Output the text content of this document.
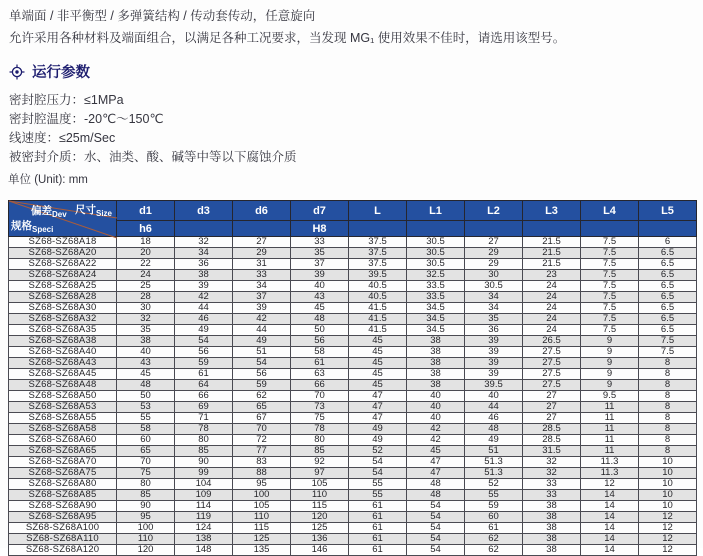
单端面 / 非平衡型 / 多弹簧结构 / 传动套传动，任意旋向

允许采用各种材料及端面组合，以满足各种工况要求，当发现 MG₁ 使用效果不佳时，请选用该型号。

运行参数
密封腔压力：≤1MPa
密封腔温度：-20℃～150℃
线速度：≤25m/Sec
被密封介质：水、油类、酸、碱等中等以下腐蚀介质
单位 (Unit): mm
偏差$_{Dev}$ 尺寸$_{Size}$
规格$_{Speci}$	d1	d3	d6	d7	L	L1	L2	L3	L4	L5
	h6			H8						
SZ68-SZ68A18	18	32	27	33	37.5	30.5	27	21.5	7.5	6
SZ68-SZ68A20	20	34	29	35	37.5	30.5	29	21.5	7.5	6.5
SZ68-SZ68A22	22	36	31	37	37.5	30.5	29	21.5	7.5	6.5
SZ68-SZ68A24	24	38	33	39	39.5	32.5	30	23	7.5	6.5
SZ68-SZ68A25	25	39	34	40	40.5	33.5	30.5	24	7.5	6.5
SZ68-SZ68A28	28	42	37	43	40.5	33.5	34	24	7.5	6.5
SZ68-SZ68A30	30	44	39	45	41.5	34.5	34	24	7.5	6.5
SZ68-SZ68A32	32	46	42	48	41.5	34.5	35	24	7.5	6.5
SZ68-SZ68A35	35	49	44	50	41.5	34.5	36	24	7.5	6.5
SZ68-SZ68A38	38	54	49	56	45	38	39	26.5	9	7.5
SZ68-SZ68A40	40	56	51	58	45	38	39	27.5	9	7.5
SZ68-SZ68A43	43	59	54	61	45	38	39	27.5	9	8
SZ68-SZ68A45	45	61	56	63	45	38	39	27.5	9	8
SZ68-SZ68A48	48	64	59	66	45	38	39.5	27.5	9	8
SZ68-SZ68A50	50	66	62	70	47	40	40	27	9.5	8
SZ68-SZ68A53	53	69	65	73	47	40	44	27	11	8
SZ68-SZ68A55	55	71	67	75	47	40	46	27	11	8
SZ68-SZ68A58	58	78	70	78	49	42	48	28.5	11	8
SZ68-SZ68A60	60	80	72	80	49	42	49	28.5	11	8
SZ68-SZ68A65	65	85	77	85	52	45	51	31.5	11	8
SZ68-SZ68A70	70	90	83	92	54	47	51.3	32	11.3	10
SZ68-SZ68A75	75	99	88	97	54	47	51.3	32	11.3	10
SZ68-SZ68A80	80	104	95	105	55	48	52	33	12	10
SZ68-SZ68A85	85	109	100	110	55	48	55	33	14	10
SZ68-SZ68A90	90	114	105	115	61	54	59	38	14	10
SZ68-SZ68A95	95	119	110	120	61	54	60	38	14	12
SZ68-SZ68A100	100	124	115	125	61	54	61	38	14	12
SZ68-SZ68A110	110	138	125	136	61	54	62	38	14	12
SZ68-SZ68A120	120	148	135	146	61	54	62	38	14	12
